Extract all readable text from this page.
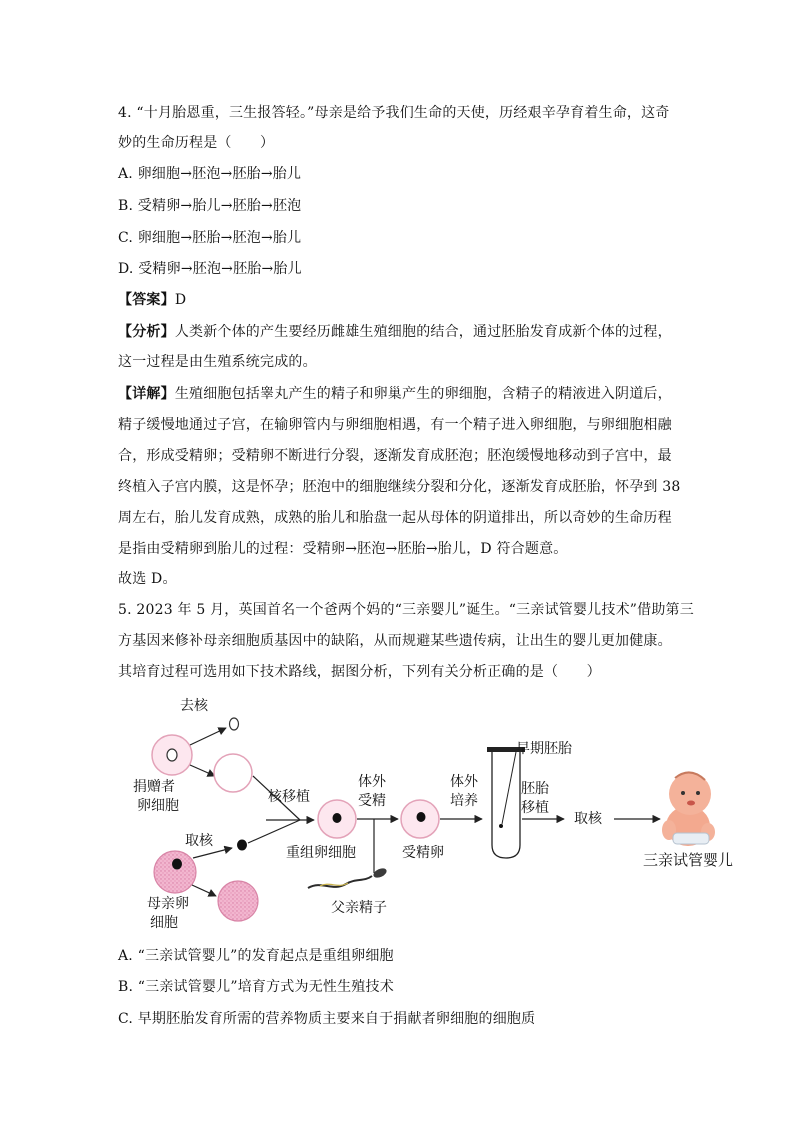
4. “十月胎恩重，三生报答轻。”母亲是给予我们生命的天使，历经艰辛孕育着生命，这奇
妙的生命历程是（　　）
A. 卵细胞→胚泡→胚胎→胎儿
B. 受精卵→胎儿→胚胎→胚泡
C. 卵细胞→胚胎→胚泡→胎儿
D. 受精卵→胚泡→胚胎→胎儿
【答案】D
【分析】人类新个体的产生要经历雌雄生殖细胞的结合，通过胚胎发育成新个体的过程，
这一过程是由生殖系统完成的。
【详解】生殖细胞包括睾丸产生的精子和卵巢产生的卵细胞，含精子的精液进入阴道后，
精子缓慢地通过子宫，在输卵管内与卵细胞相遇，有一个精子进入卵细胞，与卵细胞相融
合，形成受精卵；受精卵不断进行分裂，逐渐发育成胚泡；胚泡缓慢地移动到子宫中，最
终植入子宫内膜，这是怀孕；胚泡中的细胞继续分裂和分化，逐渐发育成胚胎，怀孕到 38
周左右，胎儿发育成熟，成熟的胎儿和胎盘一起从母体的阴道排出，所以奇妙的生命历程
是指由受精卵到胎儿的过程：受精卵→胚泡→胚胎→胎儿，D 符合题意。
故选 D。
5. 2023 年 5 月，英国首名一个爸两个妈的“三亲婴儿”诞生。“三亲试管婴儿技术”借助第三
方基因来修补母亲细胞质基因中的缺陷，从而规避某些遗传病，让出生的婴儿更加健康。
其培育过程可选用如下技术路线，据图分析，下列有关分析正确的是（　　）
去核
捐赠者
卵细胞
取核
母亲卵
细胞
核移植
重组卵细胞
体外
受精
父亲精子
受精卵
体外
培养
早期胚胎
胚胎
移植
取核
三亲试管婴儿
A. “三亲试管婴儿”的发育起点是重组卵细胞
B. “三亲试管婴儿”培育方式为无性生殖技术
C. 早期胚胎发育所需的营养物质主要来自于捐献者卵细胞的细胞质
